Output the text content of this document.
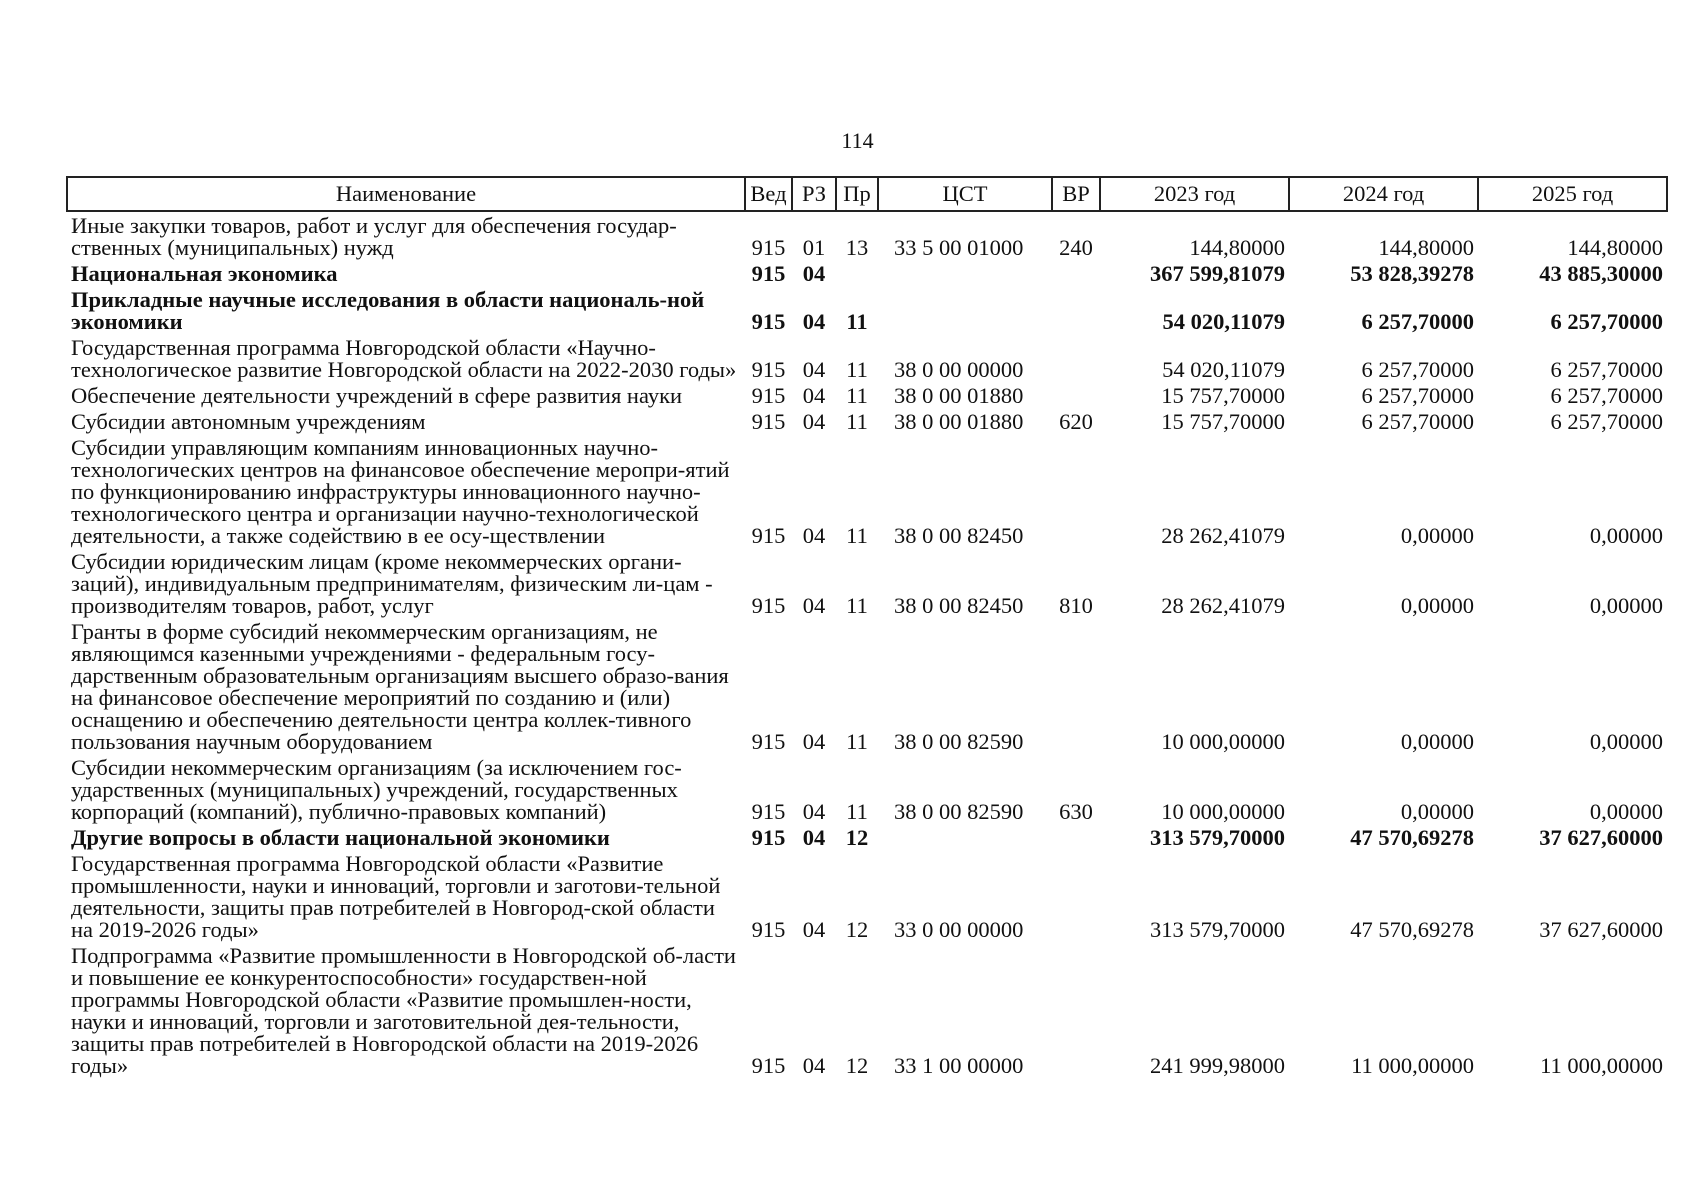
114
Наименование	Вед	РЗ	Пр	ЦСТ	ВР	2023 год	2024 год	2025 год
Иные закупки товаров, работ и услуг для обеспечения государ-ственных (муниципальных) нужд	915	01	13	33 5 00 01000	240	144,80000	144,80000	144,80000
Национальная экономика	915	04				367 599,81079	53 828,39278	43 885,30000
Прикладные научные исследования в области националь-ной экономики	915	04	11			54 020,11079	6 257,70000	6 257,70000
Государственная программа Новгородской области «Научно-технологическое развитие Новгородской области на 2022-2030 годы»	915	04	11	38 0 00 00000		54 020,11079	6 257,70000	6 257,70000
Обеспечение деятельности учреждений в сфере развития науки	915	04	11	38 0 00 01880		15 757,70000	6 257,70000	6 257,70000
Субсидии автономным учреждениям	915	04	11	38 0 00 01880	620	15 757,70000	6 257,70000	6 257,70000
Субсидии управляющим компаниям инновационных научно-технологических центров на финансовое обеспечение меропри-ятий по функционированию инфраструктуры инновационного научно-технологического центра и организации научно-технологической деятельности, а также содействию в ее осу-ществлении	915	04	11	38 0 00 82450		28 262,41079	0,00000	0,00000
Субсидии юридическим лицам (кроме некоммерческих органи-заций), индивидуальным предпринимателям, физическим ли-цам - производителям товаров, работ, услуг	915	04	11	38 0 00 82450	810	28 262,41079	0,00000	0,00000
Гранты в форме субсидий некоммерческим организациям, не являющимся казенными учреждениями - федеральным госу-дарственным образовательным организациям высшего образо-вания на финансовое обеспечение мероприятий по созданию и (или) оснащению и обеспечению деятельности центра коллек-тивного пользования научным оборудованием	915	04	11	38 0 00 82590		10 000,00000	0,00000	0,00000
Субсидии некоммерческим организациям (за исключением гос-ударственных (муниципальных) учреждений, государственных корпораций (компаний), публично-правовых компаний)	915	04	11	38 0 00 82590	630	10 000,00000	0,00000	0,00000
Другие вопросы в области национальной экономики	915	04	12			313 579,70000	47 570,69278	37 627,60000
Государственная программа Новгородской области «Развитие промышленности, науки и инноваций, торговли и заготови-тельной деятельности, защиты прав потребителей в Новгород-ской области на 2019-2026 годы»	915	04	12	33 0 00 00000		313 579,70000	47 570,69278	37 627,60000
Подпрограмма «Развитие промышленности в Новгородской об-ласти и повышение ее конкурентоспособности» государствен-ной программы Новгородской области «Развитие промышлен-ности, науки и инноваций, торговли и заготовительной дея-тельности, защиты прав потребителей в Новгородской области на 2019-2026 годы»	915	04	12	33 1 00 00000		241 999,98000	11 000,00000	11 000,00000
